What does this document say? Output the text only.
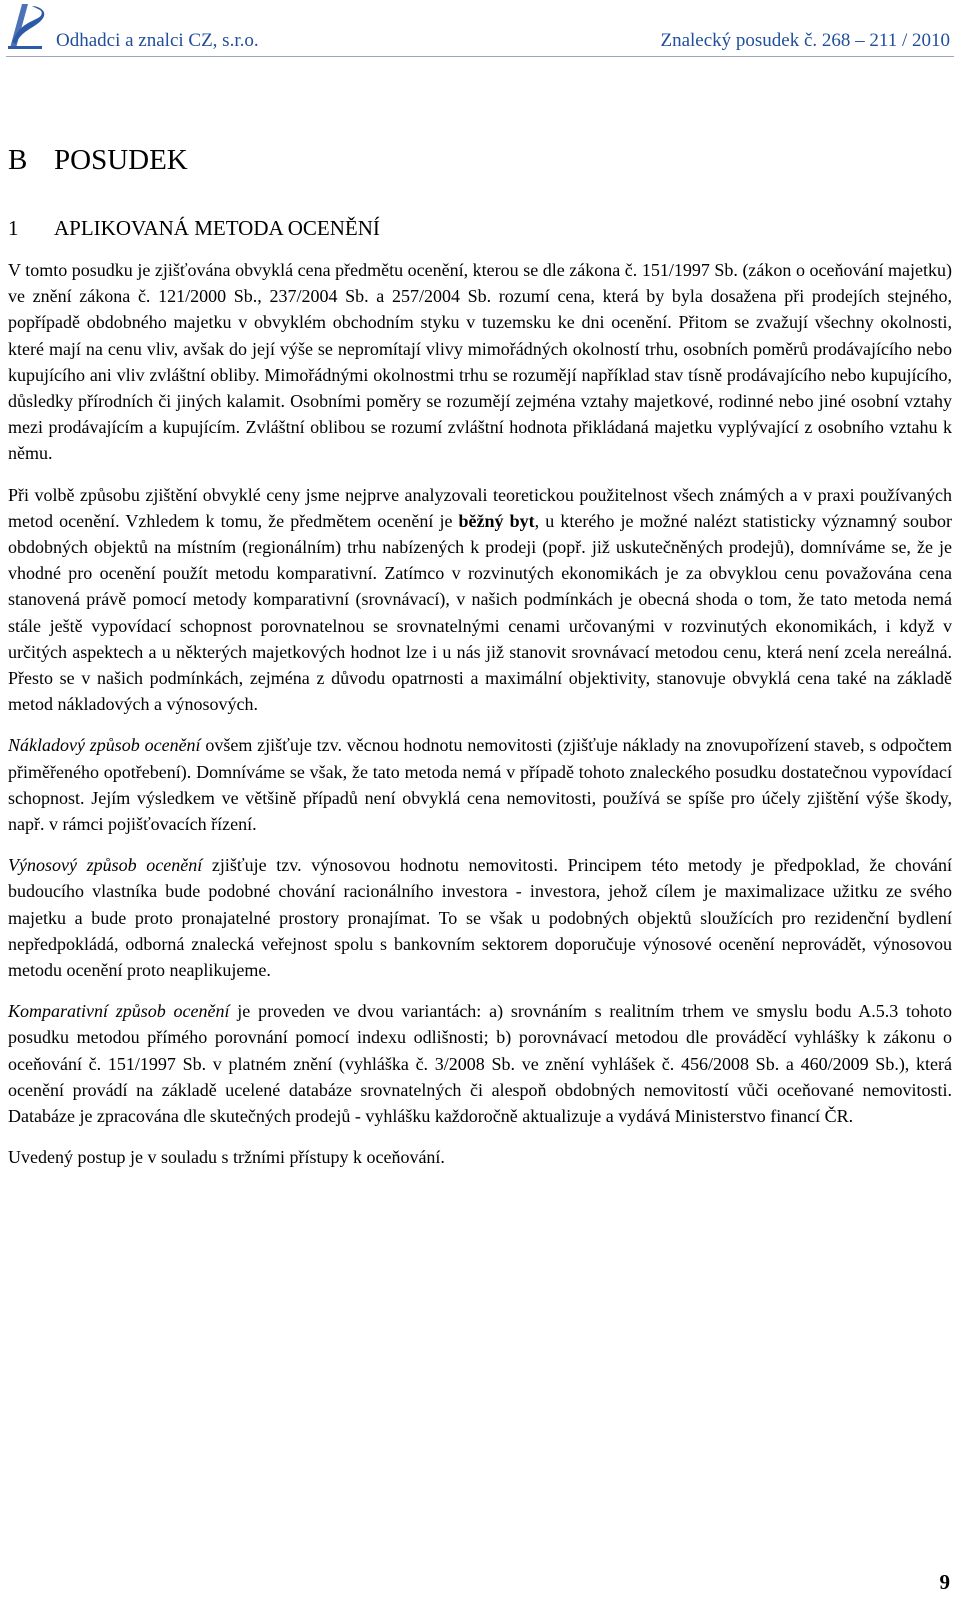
Odhadci a znalci CZ, s.r.o.	Znalecký posudek č. 268 – 211 / 2010
B POSUDEK
1 APLIKOVANÁ METODA OCENĚNÍ

V tomto posudku je zjišťována obvyklá cena předmětu ocenění, kterou se dle zákona č. 151/1997 Sb. (zákon o oceňování majetku) ve znění zákona č. 121/2000 Sb., 237/2004 Sb. a 257/2004 Sb. rozumí cena, která by byla dosažena při prodejích stejného, popřípadě obdobného majetku v obvyklém obchodním styku v tuzemsku ke dni ocenění. Přitom se zvažují všechny okolnosti, které mají na cenu vliv, avšak do její výše se nepromítají vlivy mimořádných okolností trhu, osobních poměrů prodávajícího nebo kupujícího ani vliv zvláštní obliby. Mimořádnými okolnostmi trhu se rozumějí například stav tísně prodávajícího nebo kupujícího, důsledky přírodních či jiných kalamit. Osobními poměry se rozumějí zejména vztahy majetkové, rodinné nebo jiné osobní vztahy mezi prodávajícím a kupujícím. Zvláštní oblibou se rozumí zvláštní hodnota přikládaná majetku vyplývající z osobního vztahu k němu.

Při volbě způsobu zjištění obvyklé ceny jsme nejprve analyzovali teoretickou použitelnost všech známých a v praxi používaných metod ocenění. Vzhledem k tomu, že předmětem ocenění je běžný byt, u kterého je možné nalézt statisticky významný soubor obdobných objektů na místním (regionálním) trhu nabízených k prodeji (popř. již uskutečněných prodejů), domníváme se, že je vhodné pro ocenění použít metodu komparativní. Zatímco v rozvinutých ekonomikách je za obvyklou cenu považována cena stanovená právě pomocí metody komparativní (srovnávací), v našich podmínkách je obecná shoda o tom, že tato metoda nemá stále ještě vypovídací schopnost porovnatelnou se srovnatelnými cenami určovanými v rozvinutých ekonomikách, i když v určitých aspektech a u některých majetkových hodnot lze i u nás již stanovit srovnávací metodou cenu, která není zcela nereálná. Přesto se v našich podmínkách, zejména z důvodu opatrnosti a maximální objektivity, stanovuje obvyklá cena také na základě metod nákladových a výnosových.

Nákladový způsob ocenění ovšem zjišťuje tzv. věcnou hodnotu nemovitosti (zjišťuje náklady na znovupořízení staveb, s odpočtem přiměřeného opotřebení). Domníváme se však, že tato metoda nemá v případě tohoto znaleckého posudku dostatečnou vypovídací schopnost. Jejím výsledkem ve většině případů není obvyklá cena nemovitosti, používá se spíše pro účely zjištění výše škody, např. v rámci pojišťovacích řízení.

Výnosový způsob ocenění zjišťuje tzv. výnosovou hodnotu nemovitosti. Principem této metody je předpoklad, že chování budoucího vlastníka bude podobné chování racionálního investora - investora, jehož cílem je maximalizace užitku ze svého majetku a bude proto pronajatelné prostory pronajímat. To se však u podobných objektů sloužících pro rezidenční bydlení nepředpokládá, odborná znalecká veřejnost spolu s bankovním sektorem doporučuje výnosové ocenění neprovádět, výnosovou metodu ocenění proto neaplikujeme.

Komparativní způsob ocenění je proveden ve dvou variantách: a) srovnáním s realitním trhem ve smyslu bodu A.5.3 tohoto posudku metodou přímého porovnání pomocí indexu odlišnosti; b) porovnávací metodou dle prováděcí vyhlášky k zákonu o oceňování č. 151/1997 Sb. v platném znění (vyhláška č. 3/2008 Sb. ve znění vyhlášek č. 456/2008 Sb. a 460/2009 Sb.), která ocenění provádí na základě ucelené databáze srovnatelných či alespoň obdobných nemovitostí vůči oceňované nemovitosti. Databáze je zpracována dle skutečných prodejů - vyhlášku každoročně aktualizuje a vydává Ministerstvo financí ČR.

Uvedený postup je v souladu s tržními přístupy k oceňování.

9
